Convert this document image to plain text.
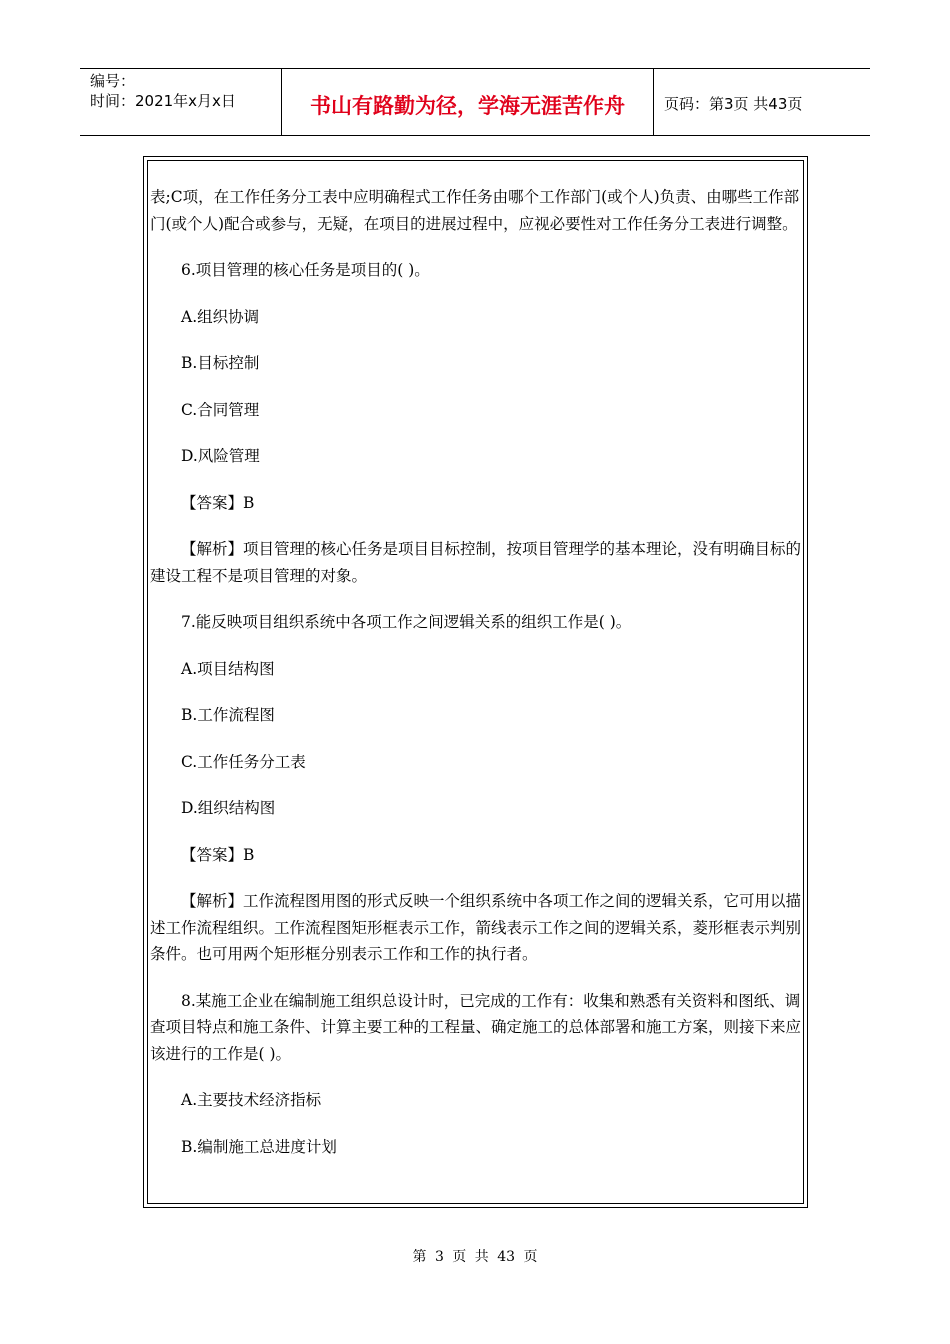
编号：
时间：2021年x月x日	书山有路勤为径，学海无涯苦作舟	页码：第3页 共43页

表;C项，在工作任务分工表中应明确程式工作任务由哪个工作部门(或个人)负责、由哪些工作部门(或个人)配合或参与，无疑，在项目的进展过程中，应视必要性对工作任务分工表进行调整。

6.项目管理的核心任务是项目的( )。

A.组织协调

B.目标控制

C.合同管理

D.风险管理

【答案】B

【解析】项目管理的核心任务是项目目标控制，按项目管理学的基本理论，没有明确目标的建设工程不是项目管理的对象。

7.能反映项目组织系统中各项工作之间逻辑关系的组织工作是( )。

A.项目结构图

B.工作流程图

C.工作任务分工表

D.组织结构图

【答案】B

【解析】工作流程图用图的形式反映一个组织系统中各项工作之间的逻辑关系，它可用以描述工作流程组织。工作流程图矩形框表示工作，箭线表示工作之间的逻辑关系，菱形框表示判别条件。也可用两个矩形框分别表示工作和工作的执行者。

8.某施工企业在编制施工组织总设计时，已完成的工作有：收集和熟悉有关资料和图纸、调查项目特点和施工条件、计算主要工种的工程量、确定施工的总体部署和施工方案，则接下来应该进行的工作是( )。

A.主要技术经济指标

B.编制施工总进度计划

第 3 页 共 43 页
